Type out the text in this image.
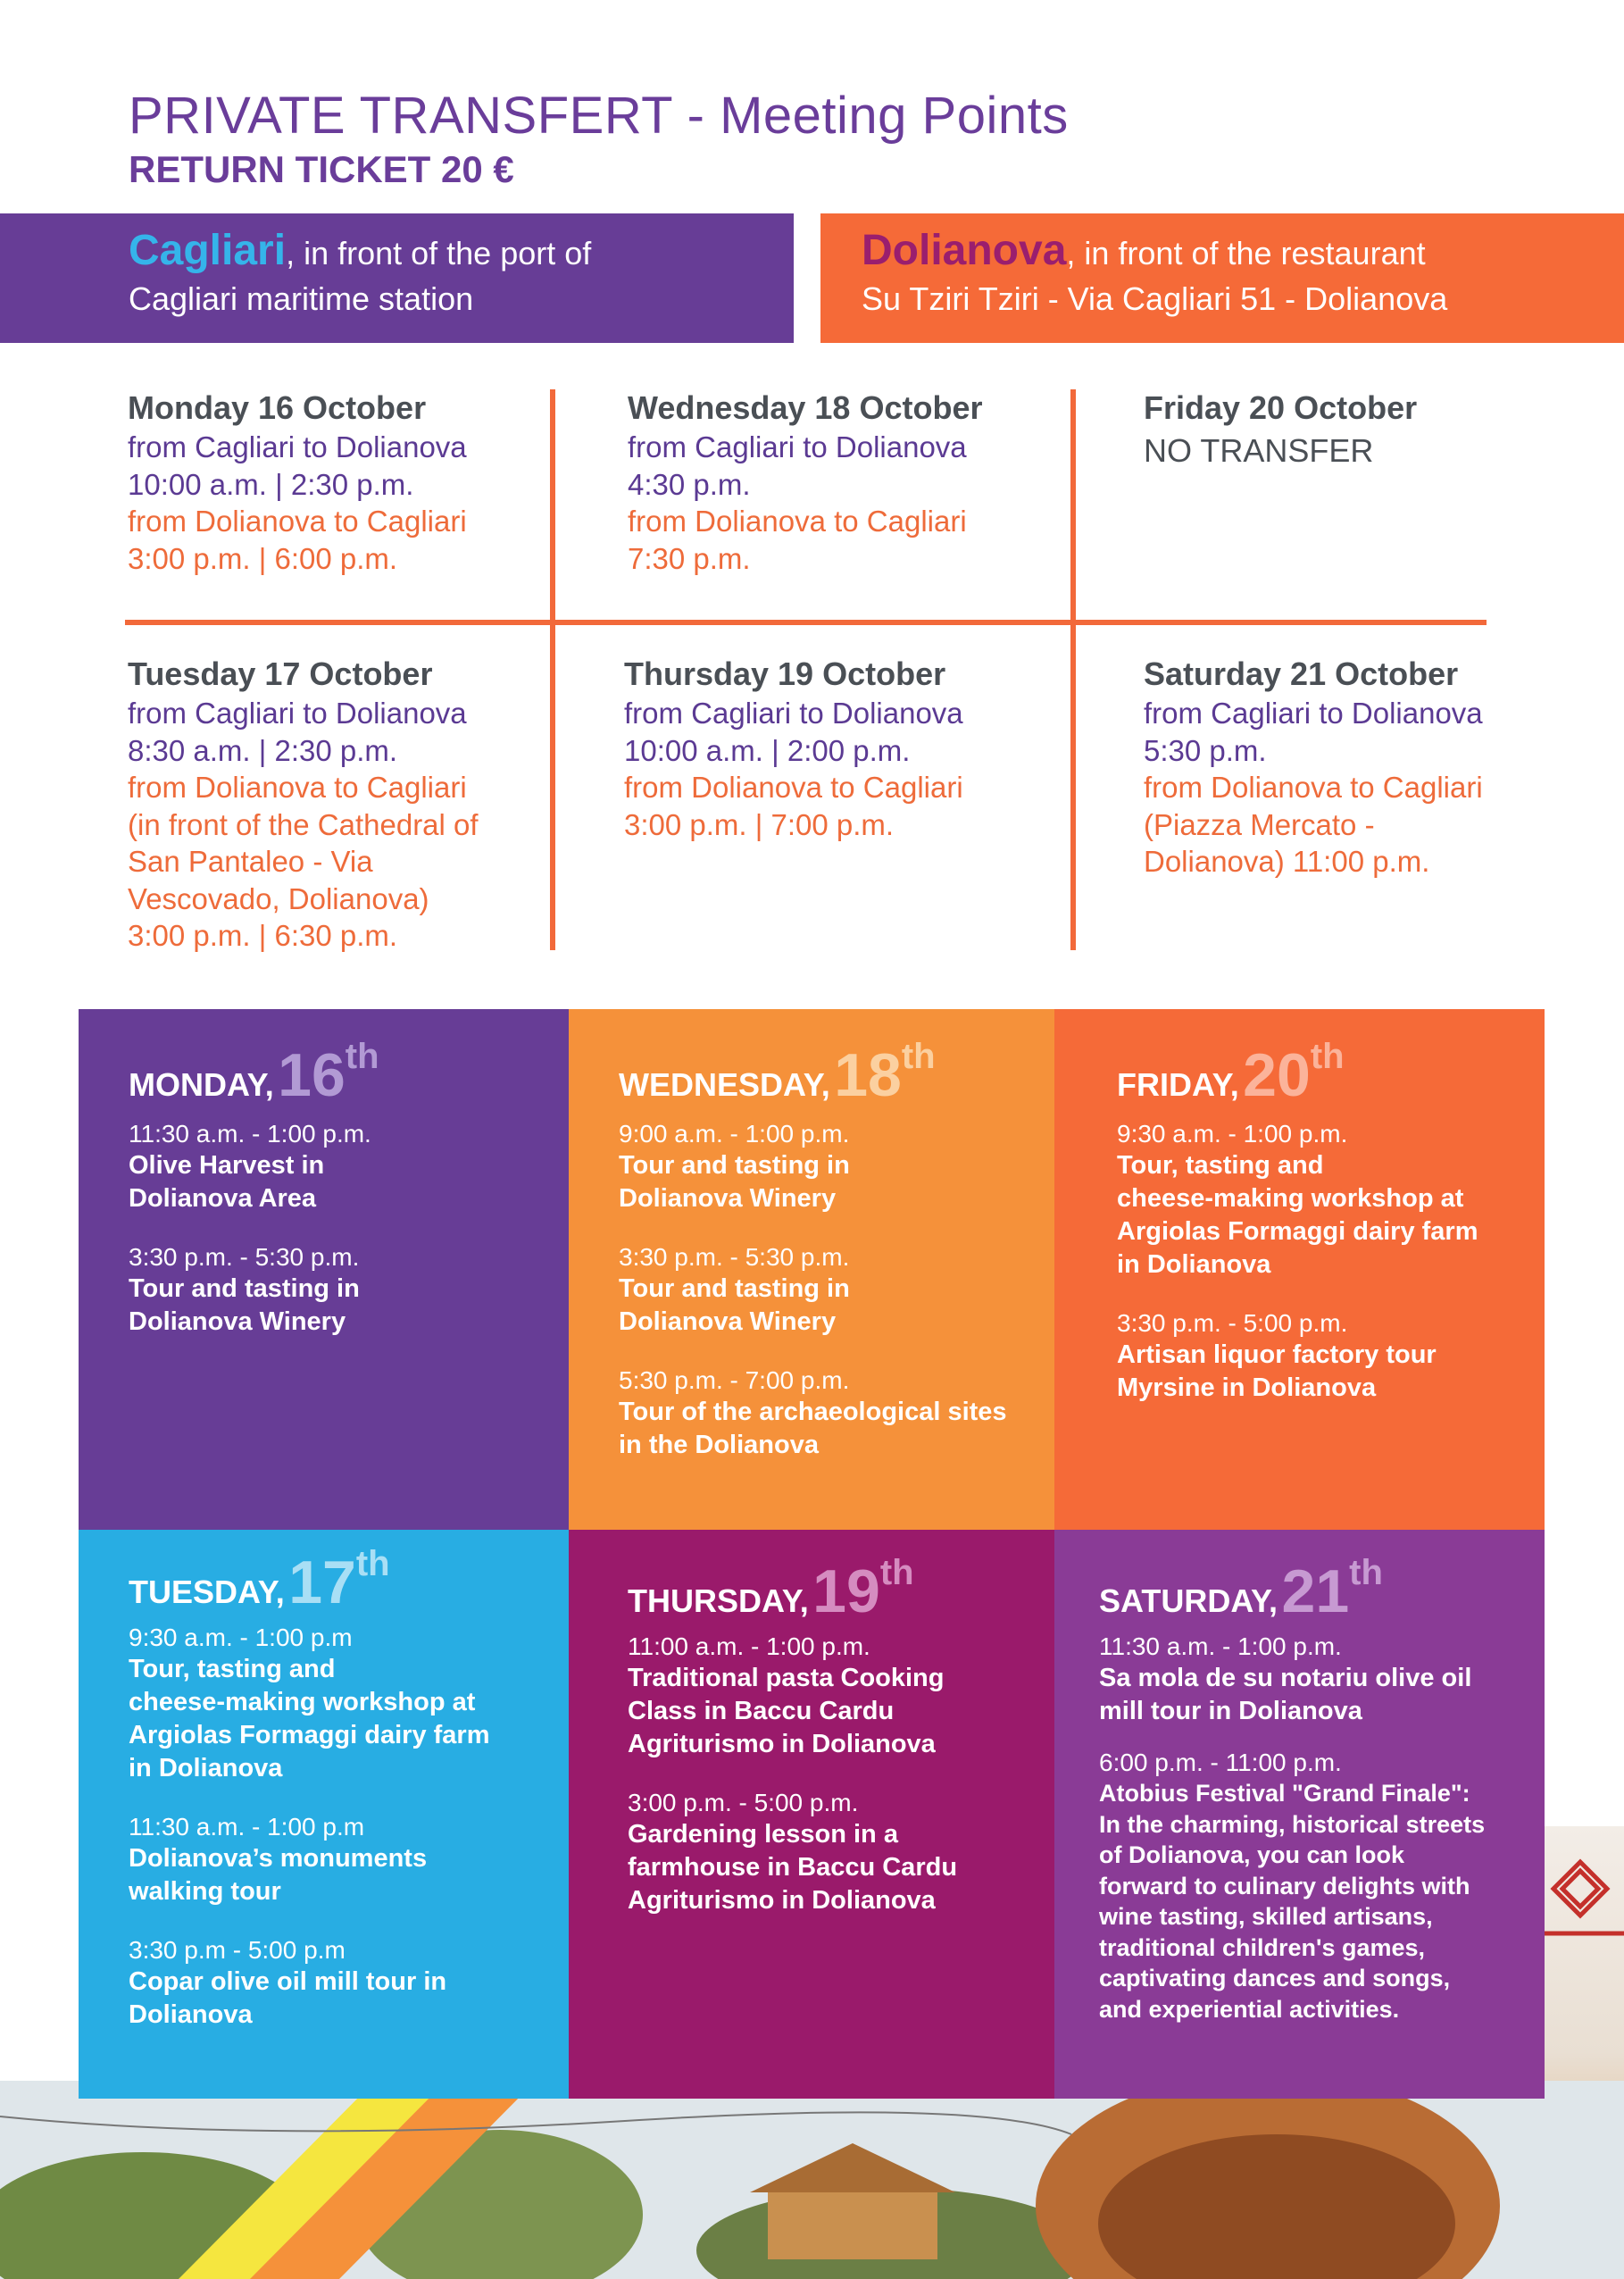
PRIVATE TRANSFERT - Meeting Points
RETURN TICKET 20 €
Cagliari, in front of the port of
Cagliari maritime station
Dolianova, in front of the restaurant
Su Tziri Tziri - Via Cagliari 51 - Dolianova
Monday 16 October
from Cagliari to Dolianova
10:00 a.m. | 2:30 p.m.
from Dolianova to Cagliari
3:00 p.m. | 6:00 p.m.
Wednesday 18 October
from Cagliari to Dolianova
4:30 p.m.
from Dolianova to Cagliari
7:30 p.m.
Friday 20 October
NO TRANSFER
Tuesday 17 October
from Cagliari to Dolianova
8:30 a.m. | 2:30 p.m.
from Dolianova to Cagliari
(in front of the Cathedral of
San Pantaleo - Via
Vescovado, Dolianova)
3:00 p.m. | 6:30 p.m.
Thursday 19 October
from Cagliari to Dolianova
10:00 a.m. | 2:00 p.m.
from Dolianova to Cagliari
3:00 p.m. | 7:00 p.m.
Saturday 21 October
from Cagliari to Dolianova
5:30 p.m.
from Dolianova to Cagliari
(Piazza Mercato -
Dolianova) 11:00 p.m.
MONDAY, 16th
11:30 a.m. - 1:00 p.m.
Olive Harvest in
Dolianova Area
3:30 p.m. - 5:30 p.m.
Tour and tasting in
Dolianova Winery
WEDNESDAY, 18th
9:00 a.m. - 1:00 p.m.
Tour and tasting in
Dolianova Winery
3:30 p.m. - 5:30 p.m.
Tour and tasting in
Dolianova Winery
5:30 p.m. - 7:00 p.m.
Tour of the archaeological sites
in the Dolianova
FRIDAY, 20th
9:30 a.m. - 1:00 p.m.
Tour, tasting and
cheese-making workshop at
Argiolas Formaggi dairy farm
in Dolianova
3:30 p.m. - 5:00 p.m.
Artisan liquor factory tour
Myrsine in Dolianova
TUESDAY, 17th
9:30 a.m. - 1:00 p.m
Tour, tasting and
cheese-making workshop at
Argiolas Formaggi dairy farm
in Dolianova
11:30 a.m. - 1:00 p.m
Dolianova’s monuments
walking tour
3:30 p.m - 5:00 p.m
Copar olive oil mill tour in
Dolianova
THURSDAY, 19th
11:00 a.m. - 1:00 p.m.
Traditional pasta Cooking
Class in Baccu Cardu
Agriturismo in Dolianova
3:00 p.m. - 5:00 p.m.
Gardening lesson in a
farmhouse in Baccu Cardu
Agriturismo in Dolianova
SATURDAY, 21th
11:30 a.m. - 1:00 p.m.
Sa mola de su notariu olive oil
mill tour in Dolianova
6:00 p.m. - 11:00 p.m.
Atobius Festival "Grand Finale":
In the charming, historical streets
of Dolianova, you can look
forward to culinary delights with
wine tasting, skilled artisans,
traditional children's games,
captivating dances and songs,
and experiential activities.
